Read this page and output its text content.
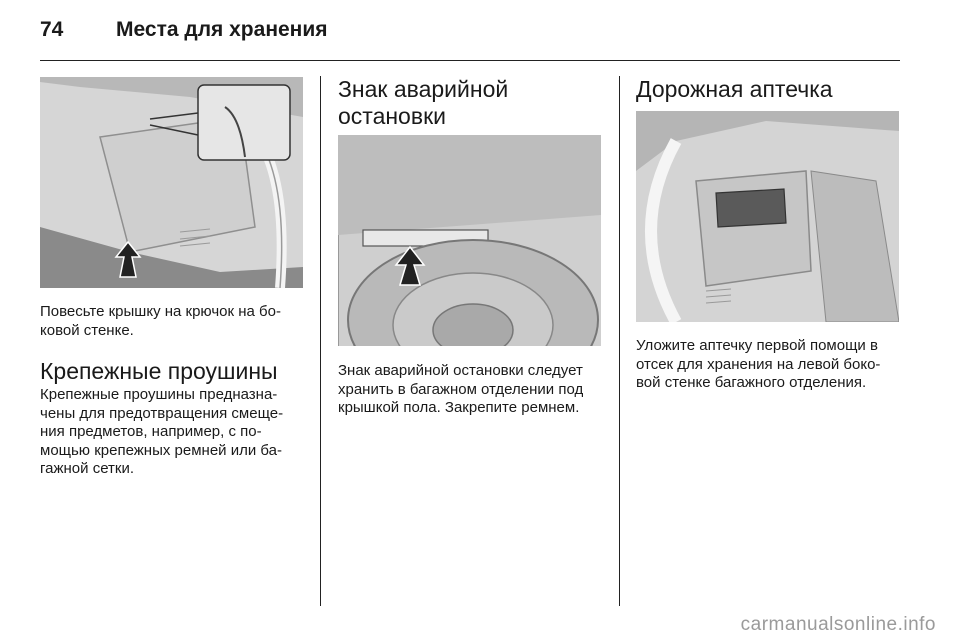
74	Места для хранения

Повесьте крышку на крючок на бо-
ковой стенке.

Крепежные проушины

Крепежные проушины предназна-
чены для предотвращения смеще-
ния предметов, например, с по-
мощью крепежных ремней или ба-
гажной сетки.

Знак аварийной
остановки

Знак аварийной остановки следует
хранить в багажном отделении под
крышкой пола. Закрепите ремнем.

Дорожная аптечка

Уложите аптечку первой помощи в
отсек для хранения на левой боко-
вой стенке багажного отделения.

carmanualsonline.info
